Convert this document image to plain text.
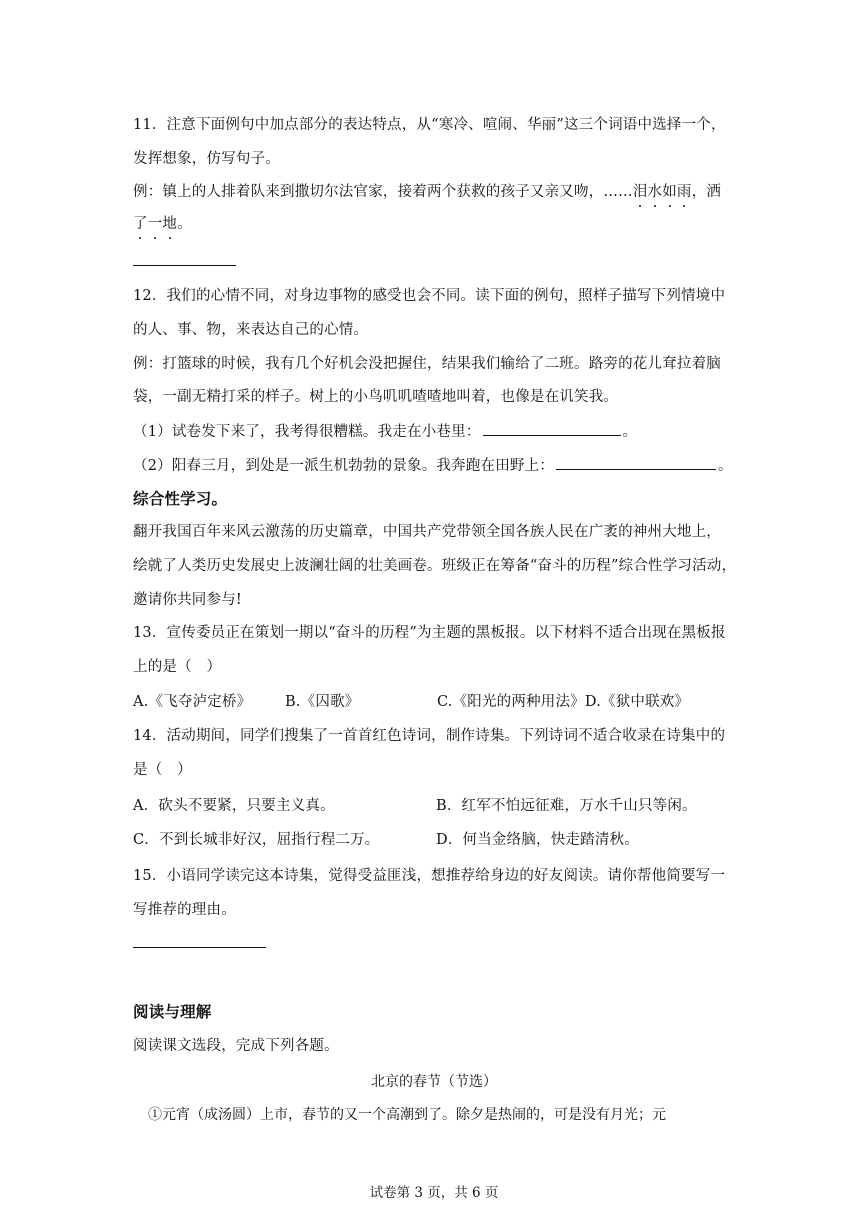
11．注意下面例句中加点部分的表达特点，从“寒冷、喧闹、华丽”这三个词语中选择一个，
发挥想象，仿写句子。
例：镇上的人排着队来到撒切尔法官家，接着两个获救的孩子又亲又吻，……泪
水
如
雨
，洒
了
一
地
。
12．我们的心情不同，对身边事物的感受也会不同。读下面的例句，照样子描写下列情境中
的人、事、物，来表达自己的心情。
例：打篮球的时候，我有几个好机会没把握住，结果我们输给了二班。路旁的花儿耷拉着脑
袋，一副无精打采的样子。树上的小鸟叽叽喳喳地叫着，也像是在讥笑我。
（1）试卷发下来了，我考得很糟糕。我走在小巷里：	。
（2）阳春三月，到处是一派生机勃勃的景象。我奔跑在田野上：	。
综合性学习。
翻开我国百年来风云激荡的历史篇章，中国共产党带领全国各族人民在广袤的神州大地上，
绘就了人类历史发展史上波澜壮阔的壮美画卷。班级正在筹备“奋斗的历程”综合性学习活动，
邀请你共同参与!
13．宣传委员正在策划一期以“奋斗的历程”为主题的黑板报。以下材料不适合出现在黑板报
上的是（　）
A.《飞夺泸定桥》 B.《囚歌》	C.《阳光的两种用法》D.《狱中联欢》
14．活动期间，同学们搜集了一首首红色诗词，制作诗集。下列诗词不适合收录在诗集中的
是（　）
A．砍头不要紧，只要主义真。	B．红军不怕远征难，万水千山只等闲。
C．不到长城非好汉，屈指行程二万。	D．何当金络脑，快走踏清秋。
15．小语同学读完这本诗集，觉得受益匪浅，想推荐给身边的好友阅读。请你帮他简要写一
写推荐的理由。
阅读与理解
阅读课文选段，完成下列各题。
北京的春节（节选）
①元宵（成汤圆）上市，春节的又一个高潮到了。除夕是热闹的，可是没有月光；元
试卷第 3 页，共 6 页
